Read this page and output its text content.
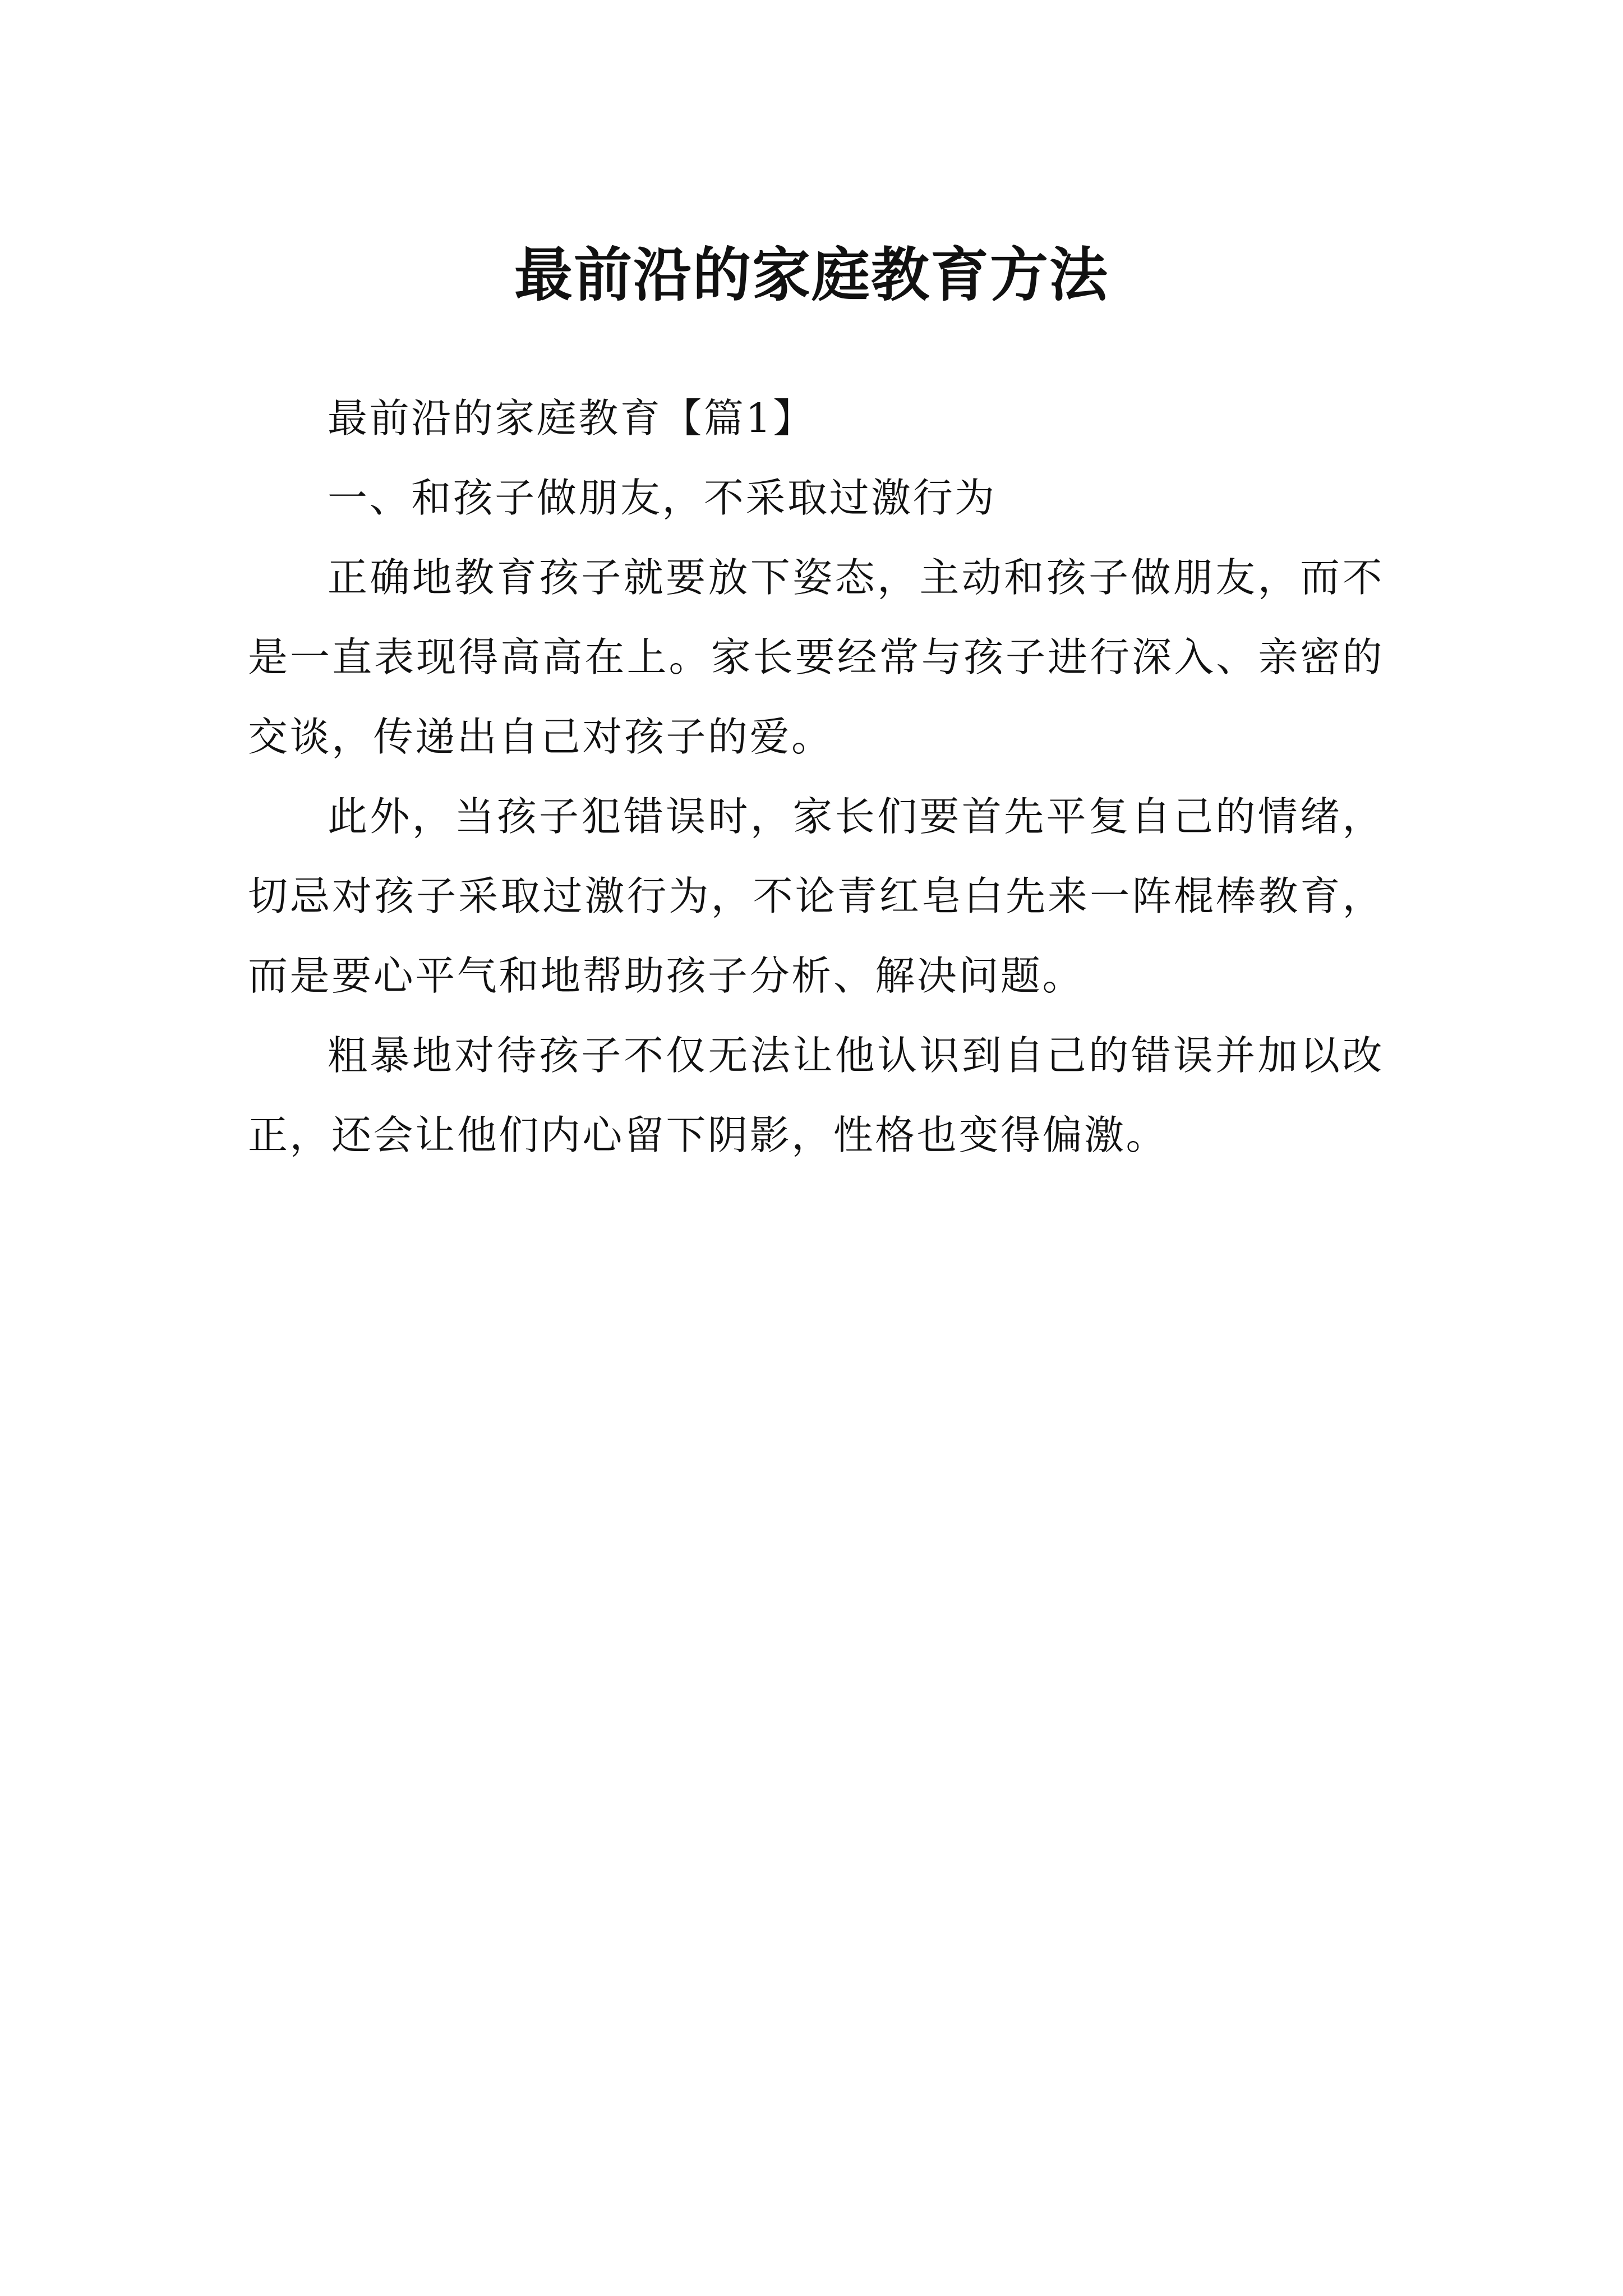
最前沿的家庭教育方法

最前沿的家庭教育【篇1】

一、和孩子做朋友，不采取过激行为

正确地教育孩子就要放下姿态，主动和孩子做朋友，而不是一直表现得高高在上。家长要经常与孩子进行深入、亲密的交谈，传递出自己对孩子的爱。

此外，当孩子犯错误时，家长们要首先平复自己的情绪，切忌对孩子采取过激行为，不论青红皂白先来一阵棍棒教育，而是要心平气和地帮助孩子分析、解决问题。

粗暴地对待孩子不仅无法让他认识到自己的错误并加以改正，还会让他们内心留下阴影，性格也变得偏激。
